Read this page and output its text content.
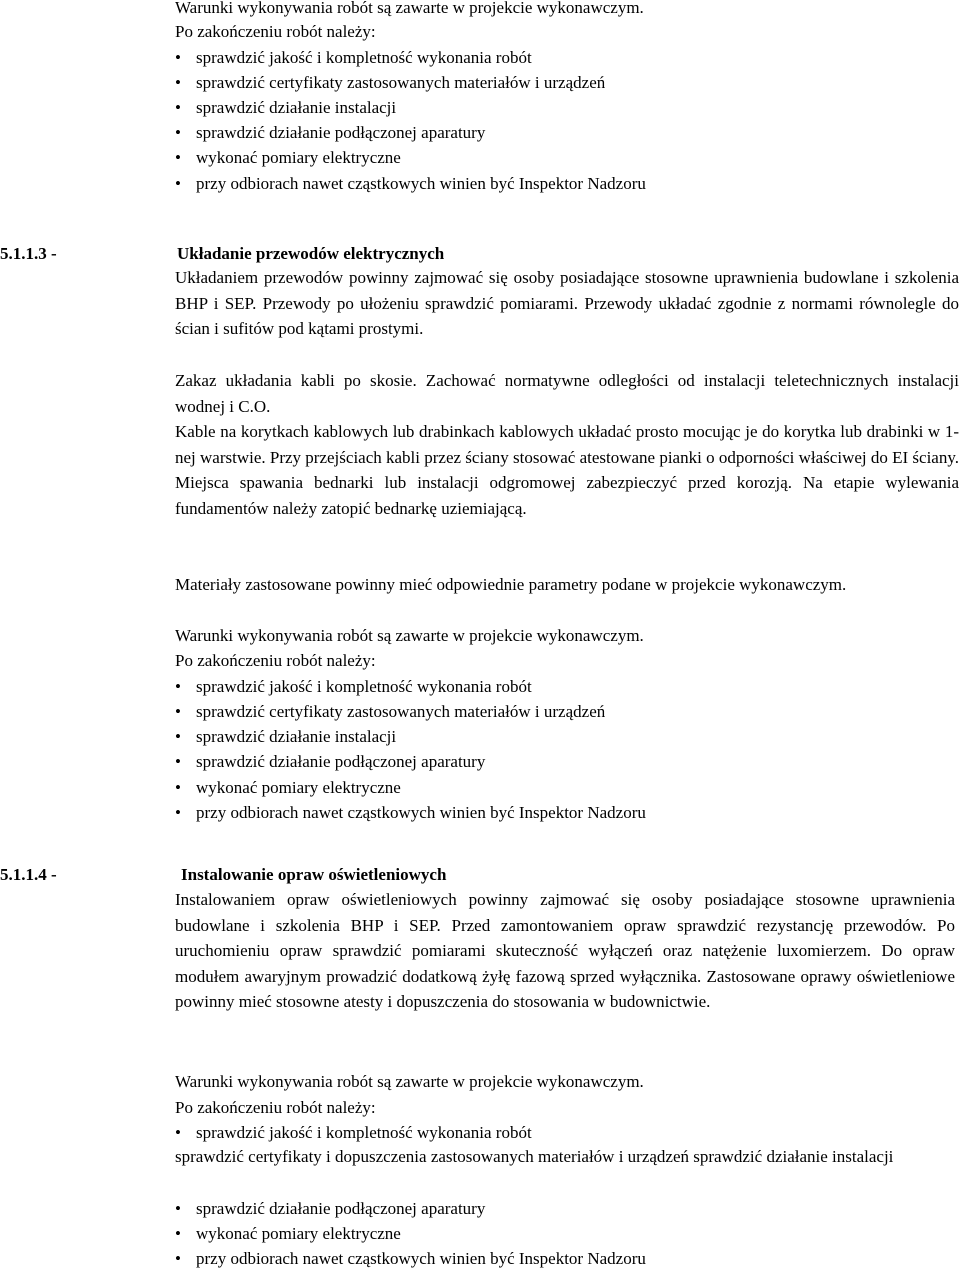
Warunki wykonywania robót są zawarte w projekcie wykonawczym.
Po zakończeniu robót należy:
• sprawdzić jakość i kompletność wykonania robót
• sprawdzić certyfikaty zastosowanych materiałów i urządzeń
• sprawdzić działanie instalacji
• sprawdzić działanie podłączonej aparatury
• wykonać pomiary elektryczne
• przy odbiorach nawet cząstkowych winien być Inspektor Nadzoru
5.1.1.3 -	Układanie przewodów elektrycznych
Układaniem przewodów powinny zajmować się osoby posiadające stosowne uprawnienia budowlane i szkolenia BHP i SEP. Przewody po ułożeniu sprawdzić pomiarami. Przewody układać zgodnie z normami równolegle do ścian i sufitów pod kątami prostymi.
Zakaz układania kabli po skosie. Zachować normatywne odległości od instalacji teletechnicznych instalacji wodnej i C.O.
Kable na korytkach kablowych lub drabinkach kablowych układać prosto mocując je do korytka lub drabinki w 1-nej warstwie. Przy przejściach kabli przez ściany stosować atestowane pianki o odporności właściwej do EI ściany. Miejsca spawania bednarki lub instalacji odgromowej zabezpieczyć przed korozją. Na etapie wylewania fundamentów należy zatopić bednarkę uziemiającą.
Materiały zastosowane powinny mieć odpowiednie parametry podane w projekcie wykonawczym.
Warunki wykonywania robót są zawarte w projekcie wykonawczym.
Po zakończeniu robót należy:
• sprawdzić jakość i kompletność wykonania robót
• sprawdzić certyfikaty zastosowanych materiałów i urządzeń
• sprawdzić działanie instalacji
• sprawdzić działanie podłączonej aparatury
• wykonać pomiary elektryczne
• przy odbiorach nawet cząstkowych winien być Inspektor Nadzoru
5.1.1.4 -	Instalowanie opraw oświetleniowych
Instalowaniem opraw oświetleniowych powinny zajmować się osoby posiadające stosowne uprawnienia budowlane i szkolenia BHP i SEP. Przed zamontowaniem opraw sprawdzić rezystancję przewodów. Po uruchomieniu opraw sprawdzić pomiarami skuteczność wyłączeń oraz natężenie luxomierzem. Do opraw modułem awaryjnym prowadzić dodatkową żyłę fazową sprzed wyłącznika. Zastosowane oprawy oświetleniowe powinny mieć stosowne atesty i dopuszczenia do stosowania w budownictwie.
Warunki wykonywania robót są zawarte w projekcie wykonawczym.
Po zakończeniu robót należy:
• sprawdzić jakość i kompletność wykonania robót
sprawdzić certyfikaty i dopuszczenia zastosowanych materiałów i urządzeń sprawdzić działanie instalacji
• sprawdzić działanie podłączonej aparatury
• wykonać pomiary elektryczne
• przy odbiorach nawet cząstkowych winien być Inspektor Nadzoru
